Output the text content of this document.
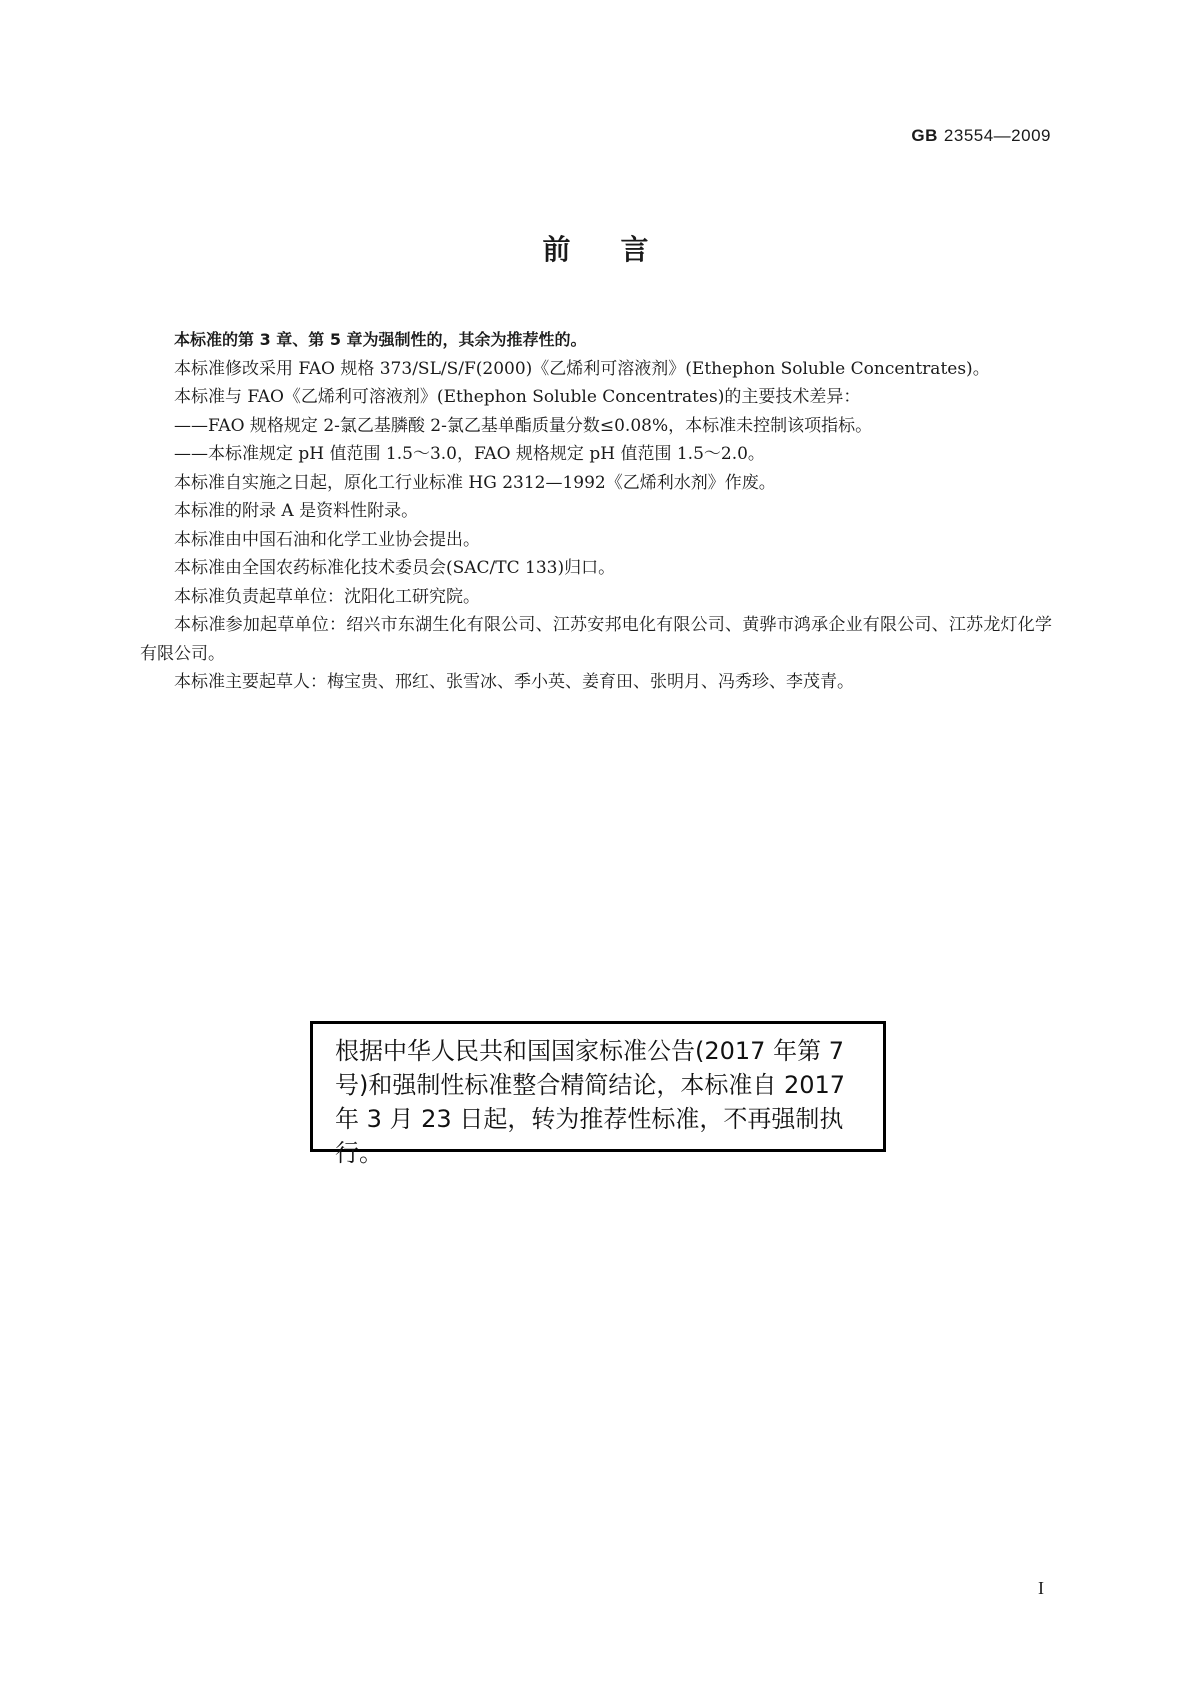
GB 23554—2009
前言

本标准的第 3 章、第 5 章为强制性的，其余为推荐性的。

本标准修改采用 FAO 规格 373/SL/S/F(2000)《乙烯利可溶液剂》(Ethephon Soluble Concentrates)。

本标准与 FAO《乙烯利可溶液剂》(Ethephon Soluble Concentrates)的主要技术差异：

——FAO 规格规定 2-氯乙基膦酸 2-氯乙基单酯质量分数≤0.08%，本标准未控制该项指标。

——本标准规定 pH 值范围 1.5～3.0，FAO 规格规定 pH 值范围 1.5～2.0。

本标准自实施之日起，原化工行业标准 HG 2312—1992《乙烯利水剂》作废。

本标准的附录 A 是资料性附录。

本标准由中国石油和化学工业协会提出。

本标准由全国农药标准化技术委员会(SAC/TC 133)归口。

本标准负责起草单位：沈阳化工研究院。

本标准参加起草单位：绍兴市东湖生化有限公司、江苏安邦电化有限公司、黄骅市鸿承企业有限公司、江苏龙灯化学有限公司。

本标准主要起草人：梅宝贵、邢红、张雪冰、季小英、姜育田、张明月、冯秀珍、李茂青。

根据中华人民共和国国家标准公告(2017 年第 7 号)和强制性标准整合精简结论，本标准自 2017 年 3 月 23 日起，转为推荐性标准，不再强制执行。
I
